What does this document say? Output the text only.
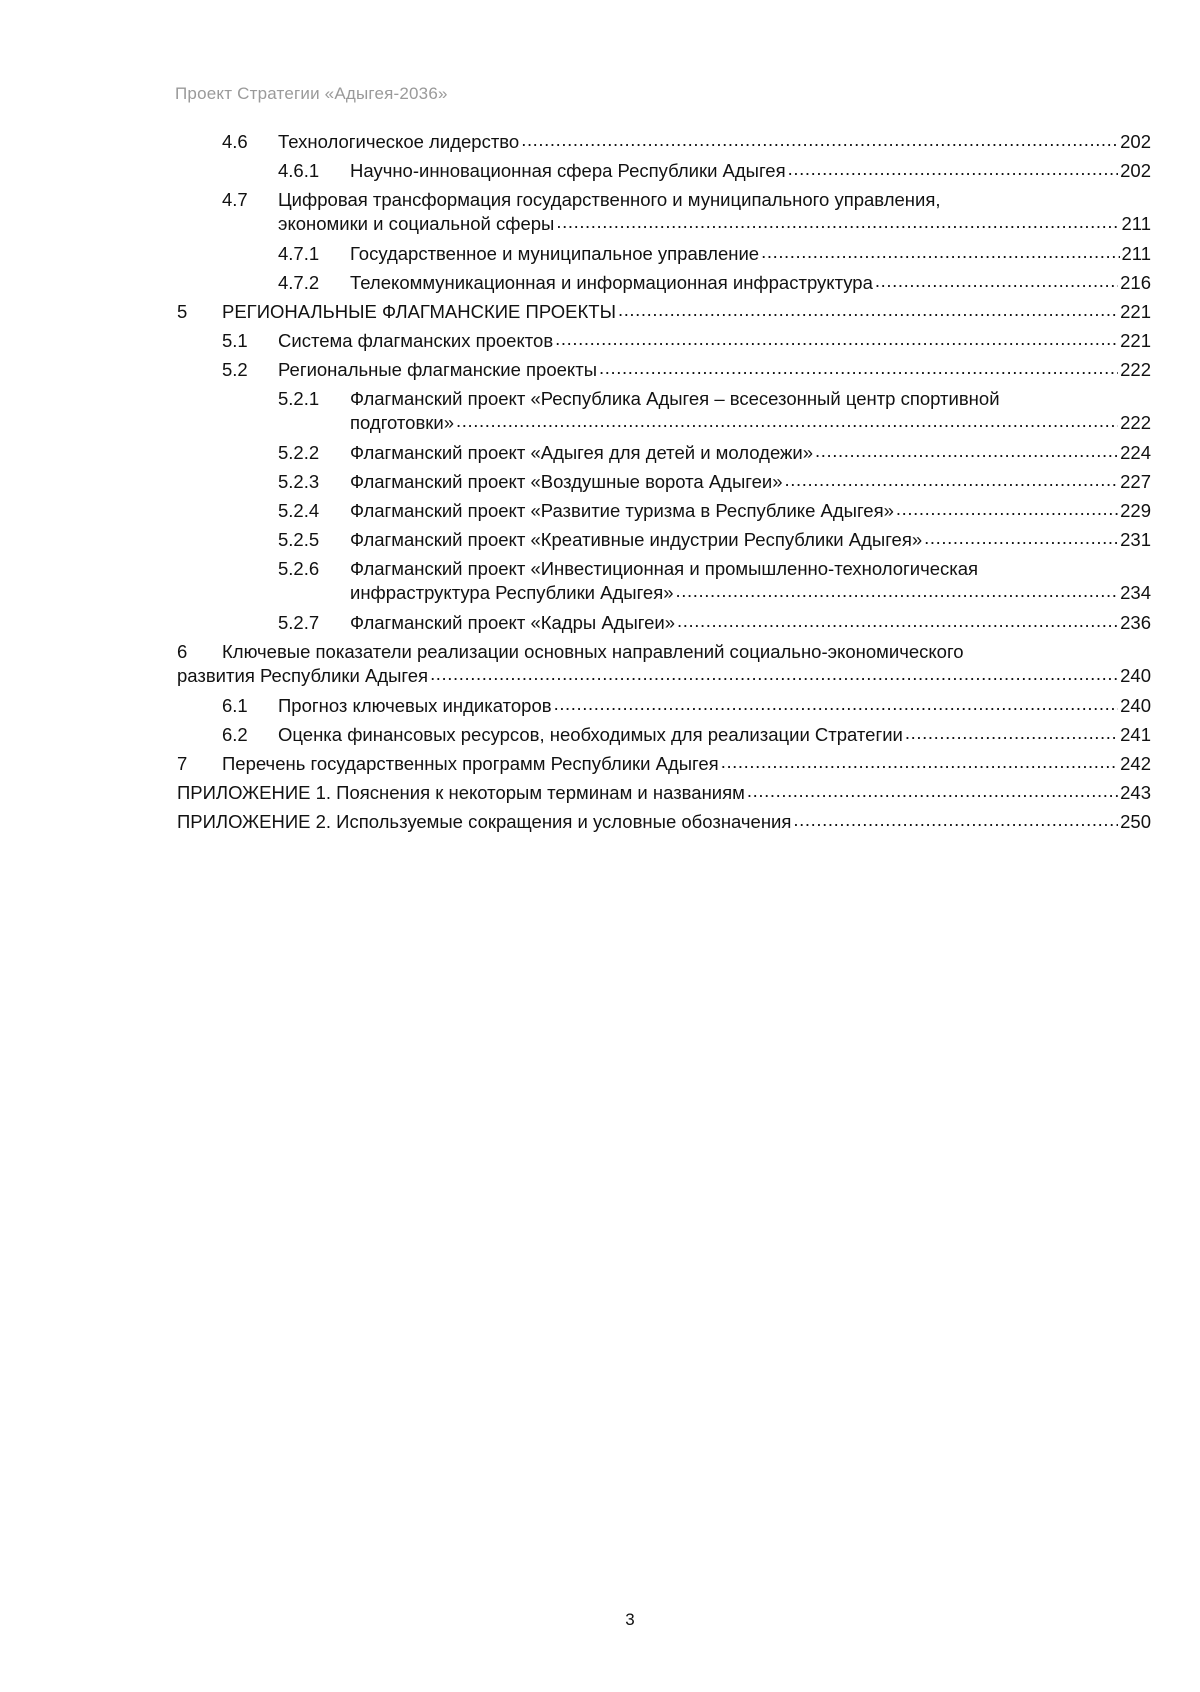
Проект Стратегии «Адыгея-2036»
4.6 Технологическое лидерство .....	202
4.6.1 Научно-инновационная сфера Республики Адыгея .....	202
4.7 Цифровая трансформация государственного и муниципального управления,
экономики и социальной сферы .....	211
4.7.1 Государственное и муниципальное управление .....	211
4.7.2 Телекоммуникационная и информационная инфраструктура .....	216
5 РЕГИОНАЛЬНЫЕ ФЛАГМАНСКИЕ ПРОЕКТЫ .....	221
5.1 Система флагманских проектов .....	221
5.2 Региональные флагманские проекты .....	222
5.2.1 Флагманский проект «Республика Адыгея – всесезонный центр спортивной
подготовки» .....	222
5.2.2 Флагманский проект «Адыгея для детей и молодежи» .....	224
5.2.3 Флагманский проект «Воздушные ворота Адыгеи» .....	227
5.2.4 Флагманский проект «Развитие туризма в Республике Адыгея» .....	229
5.2.5 Флагманский проект «Креативные индустрии Республики Адыгея» .....	231
5.2.6 Флагманский проект «Инвестиционная и промышленно-технологическая
инфраструктура Республики Адыгея» .....	234
5.2.7 Флагманский проект «Кадры Адыгеи» .....	236
6 Ключевые показатели реализации основных направлений социально-экономического
развития Республики Адыгея .....	240
6.1 Прогноз ключевых индикаторов .....	240
6.2 Оценка финансовых ресурсов, необходимых для реализации Стратегии .....	241
7 Перечень государственных программ Республики Адыгея .....	242
ПРИЛОЖЕНИЕ 1. Пояснения к некоторым терминам и названиям .....	243
ПРИЛОЖЕНИЕ 2. Используемые сокращения и условные обозначения .....	250
3
